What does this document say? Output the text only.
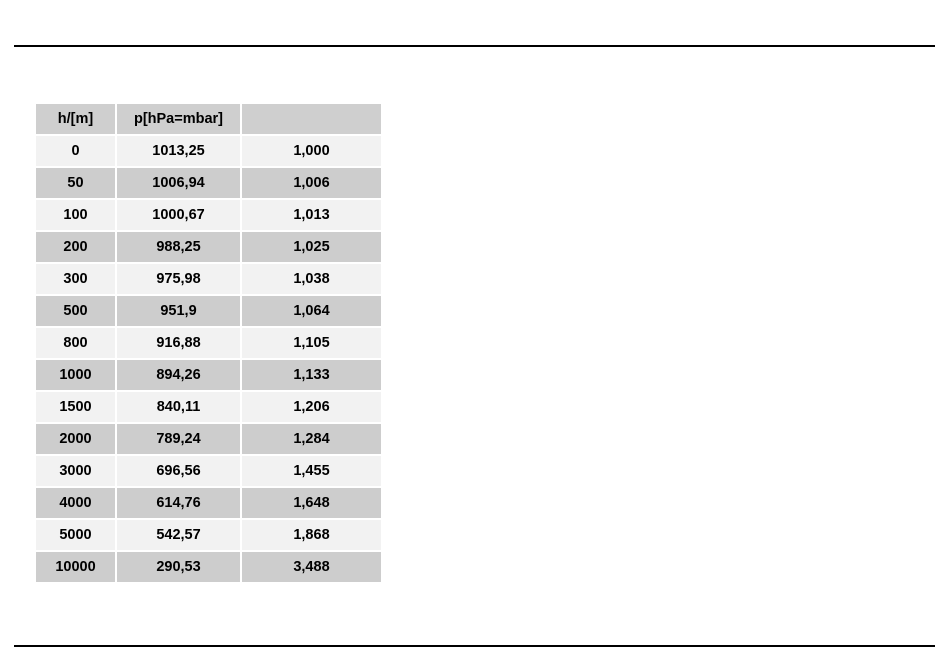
h/[m]	p[hPa=mbar]	
0	1013,25	1,000
50	1006,94	1,006
100	1000,67	1,013
200	988,25	1,025
300	975,98	1,038
500	951,9	1,064
800	916,88	1,105
1000	894,26	1,133
1500	840,11	1,206
2000	789,24	1,284
3000	696,56	1,455
4000	614,76	1,648
5000	542,57	1,868
10000	290,53	3,488
